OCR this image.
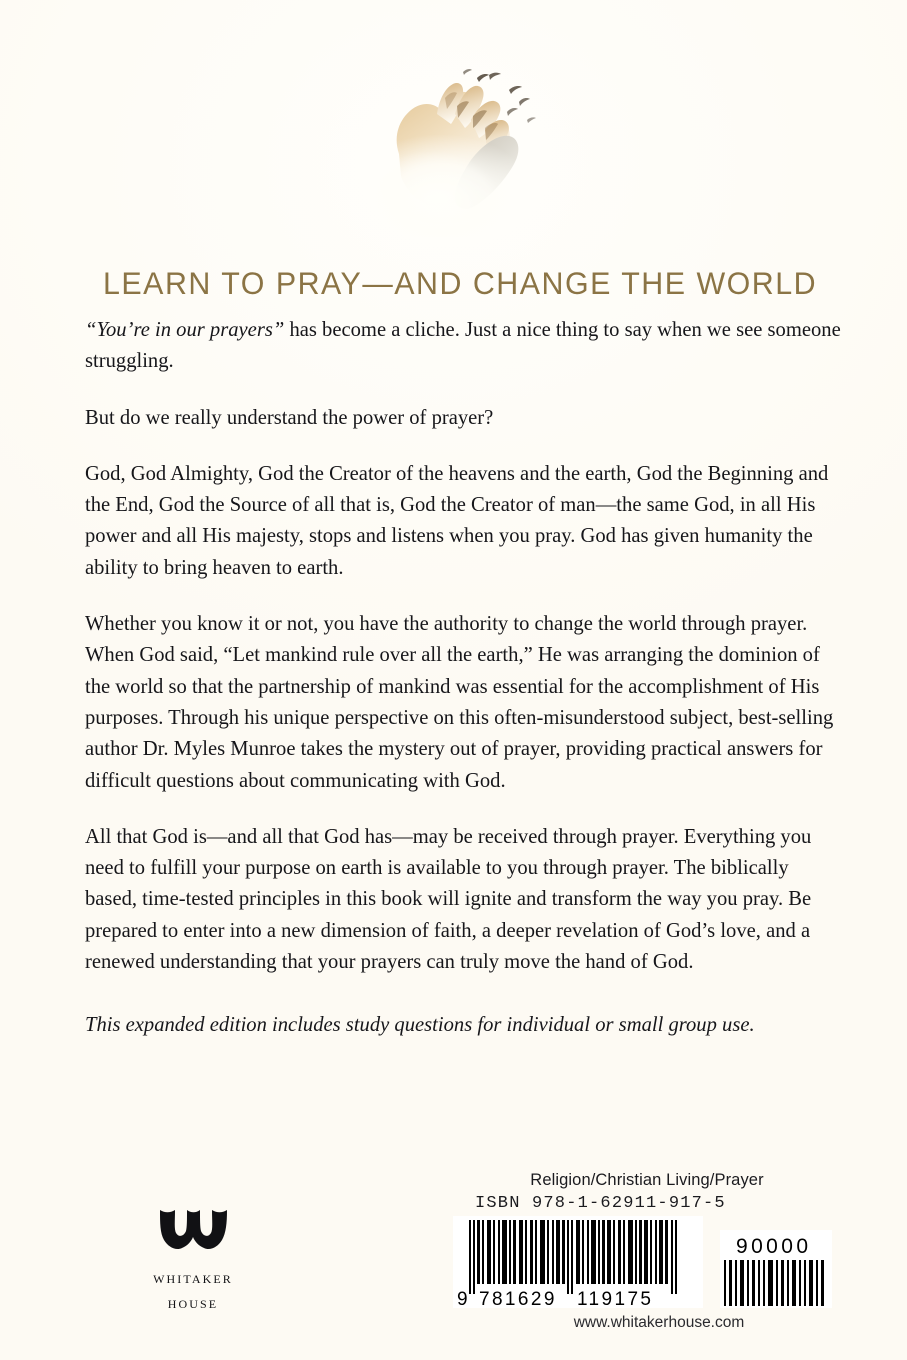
LEARN TO PRAY—AND CHANGE THE WORLD

“You’re in our prayers” has become a cliche. Just a nice thing to say when we see someone struggling.

But do we really understand the power of prayer?

God, God Almighty, God the Creator of the heavens and the earth, God the Beginning and the End, God the Source of all that is, God the Creator of man—the same God, in all His power and all His majesty, stops and listens when you pray. God has given humanity the ability to bring heaven to earth.

Whether you know it or not, you have the authority to change the world through prayer. When God said, “Let mankind rule over all the earth,” He was arranging the dominion of the world so that the partnership of mankind was essential for the accomplishment of His purposes. Through his unique perspective on this often-misunderstood subject, best-selling author Dr. Myles Munroe takes the mystery out of prayer, providing practical answers for difficult questions about communicating with God.

All that God is—and all that God has—may be received through prayer. Everything you need to fulfill your purpose on earth is available to you through prayer. The biblically based, time-tested principles in this book will ignite and transform the way you pray. Be prepared to enter into a new dimension of faith, a deeper revelation of God’s love, and a renewed understanding that your prayers can truly move the hand of God.

This expanded edition includes study questions for individual or small group use.

whitaker
house
Religion/Christian Living/Prayer
ISBN 978-1-62911-917-5
9 781629 119175
90000
www.whitakerhouse.com
